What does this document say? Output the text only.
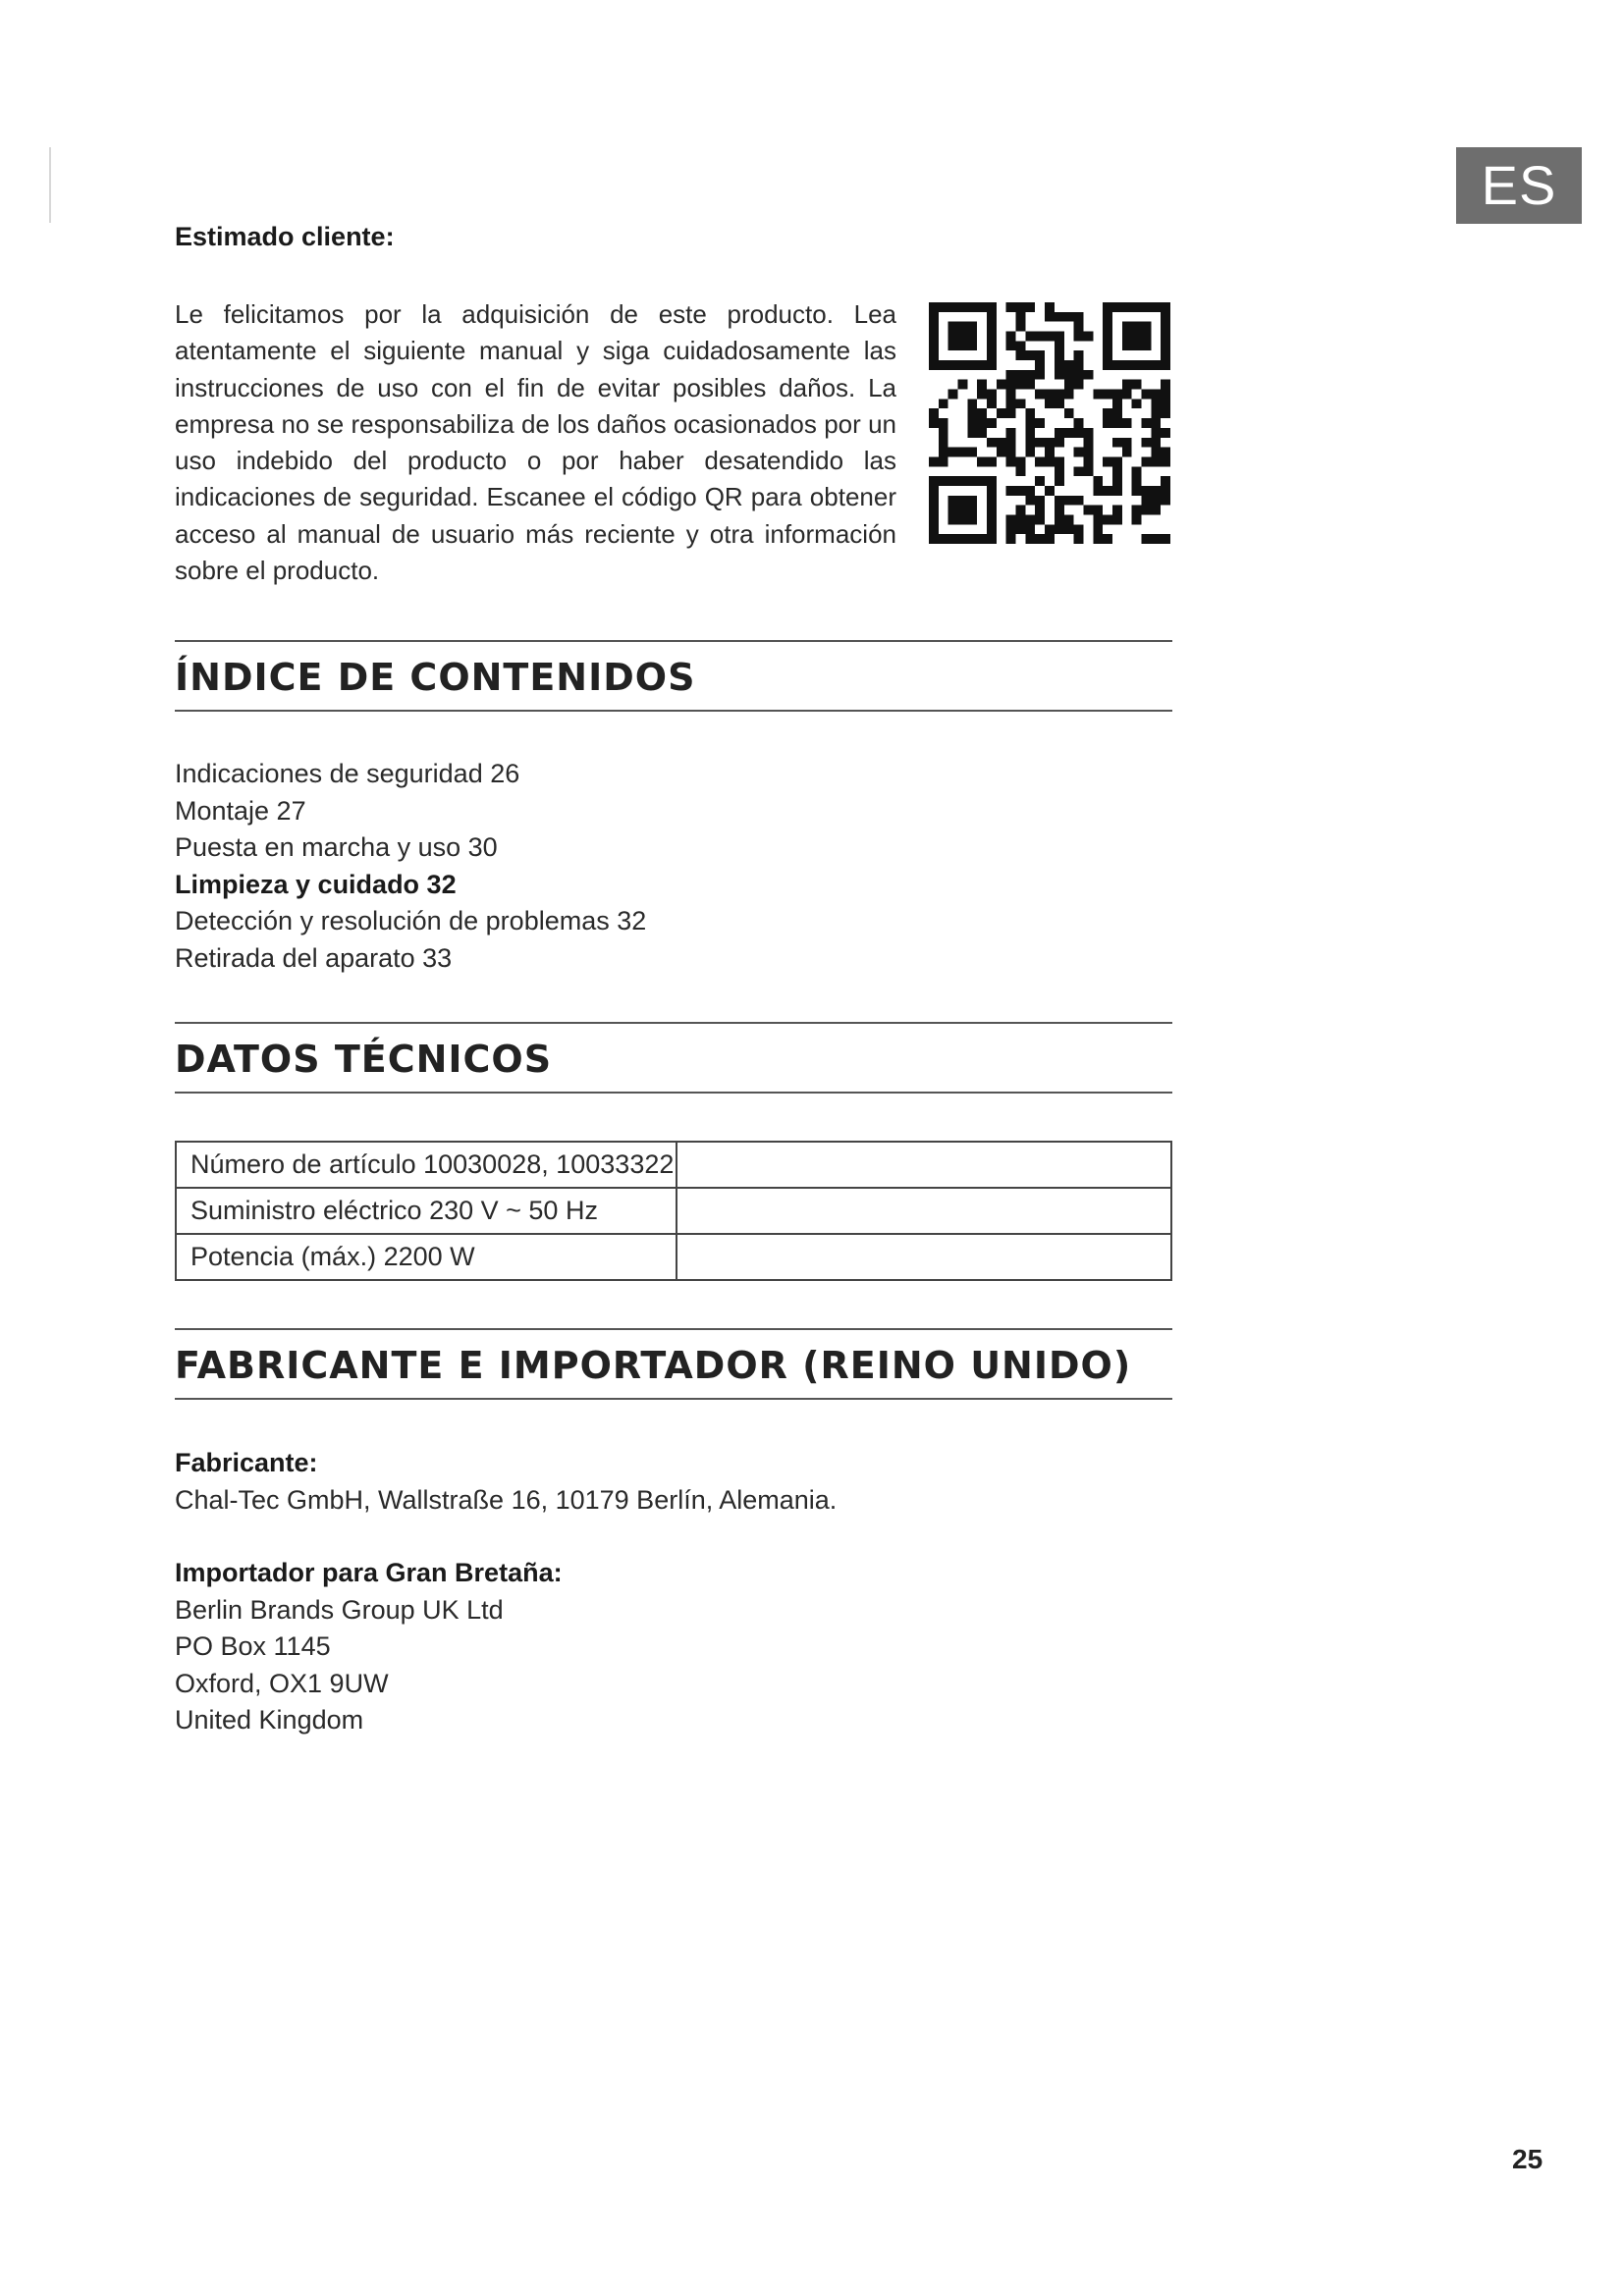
ES
Estimado cliente:
Le felicitamos por la adquisición de este producto. Lea atentamente el siguiente manual y siga cuidadosamente las instrucciones de uso con el fin de evitar posibles daños. La empresa no se responsabiliza de los daños ocasionados por un uso indebido del producto o por haber desatendido las indicaciones de seguridad. Escanee el código QR para obtener acceso al manual de usuario más reciente y otra información sobre el producto.
ÍNDICE DE CONTENIDOS
Indicaciones de seguridad 26
Montaje 27
Puesta en marcha y uso 30
Limpieza y cuidado 32
Detección y resolución de problemas 32
Retirada del aparato 33
DATOS TÉCNICOS
Número de artículo 10030028, 10033322	
Suministro eléctrico 230 V ~ 50 Hz	
Potencia (máx.) 2200 W	
FABRICANTE E IMPORTADOR (REINO UNIDO)
Fabricante:
Chal-Tec GmbH, Wallstraße 16, 10179 Berlín, Alemania.
Importador para Gran Bretaña:
Berlin Brands Group UK Ltd
PO Box 1145
Oxford, OX1 9UW
United Kingdom
25
